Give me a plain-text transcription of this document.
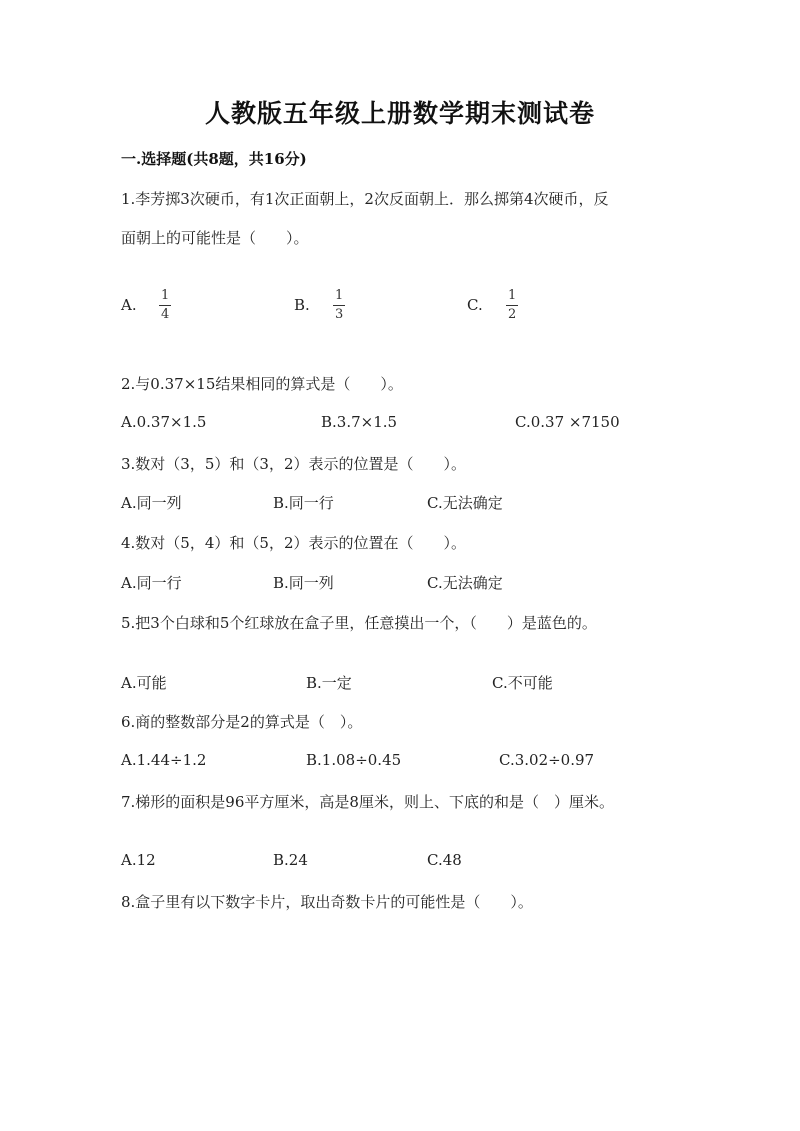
人教版五年级上册数学期末测试卷
一.选择题(共8题，共16分)
1.李芳掷3次硬币，有1次正面朝上，2次反面朝上．那么掷第4次硬币，反
面朝上的可能性是（　　）。
A.
1
4
B.
1
3
C.
1
2
2.与0.37×15结果相同的算式是（　　）。
A.0.37×1.5	B.3.7×1.5	C.0.37 ×7150
3.数对（3，5）和（3，2）表示的位置是（　　）。
A.同一列	B.同一行	C.无法确定
4.数对（5，4）和（5，2）表示的位置在（　　）。
A.同一行	B.同一列	C.无法确定
5.把3个白球和5个红球放在盒子里，任意摸出一个，（　　）是蓝色的。
A.可能	B.一定	C.不可能
6.商的整数部分是2的算式是（　）。
A.1.44÷1.2	B.1.08÷0.45	C.3.02÷0.97
7.梯形的面积是96平方厘米，高是8厘米，则上、下底的和是（　）厘米。
A.12	B.24	C.48
8.盒子里有以下数字卡片，取出奇数卡片的可能性是（　　）。
